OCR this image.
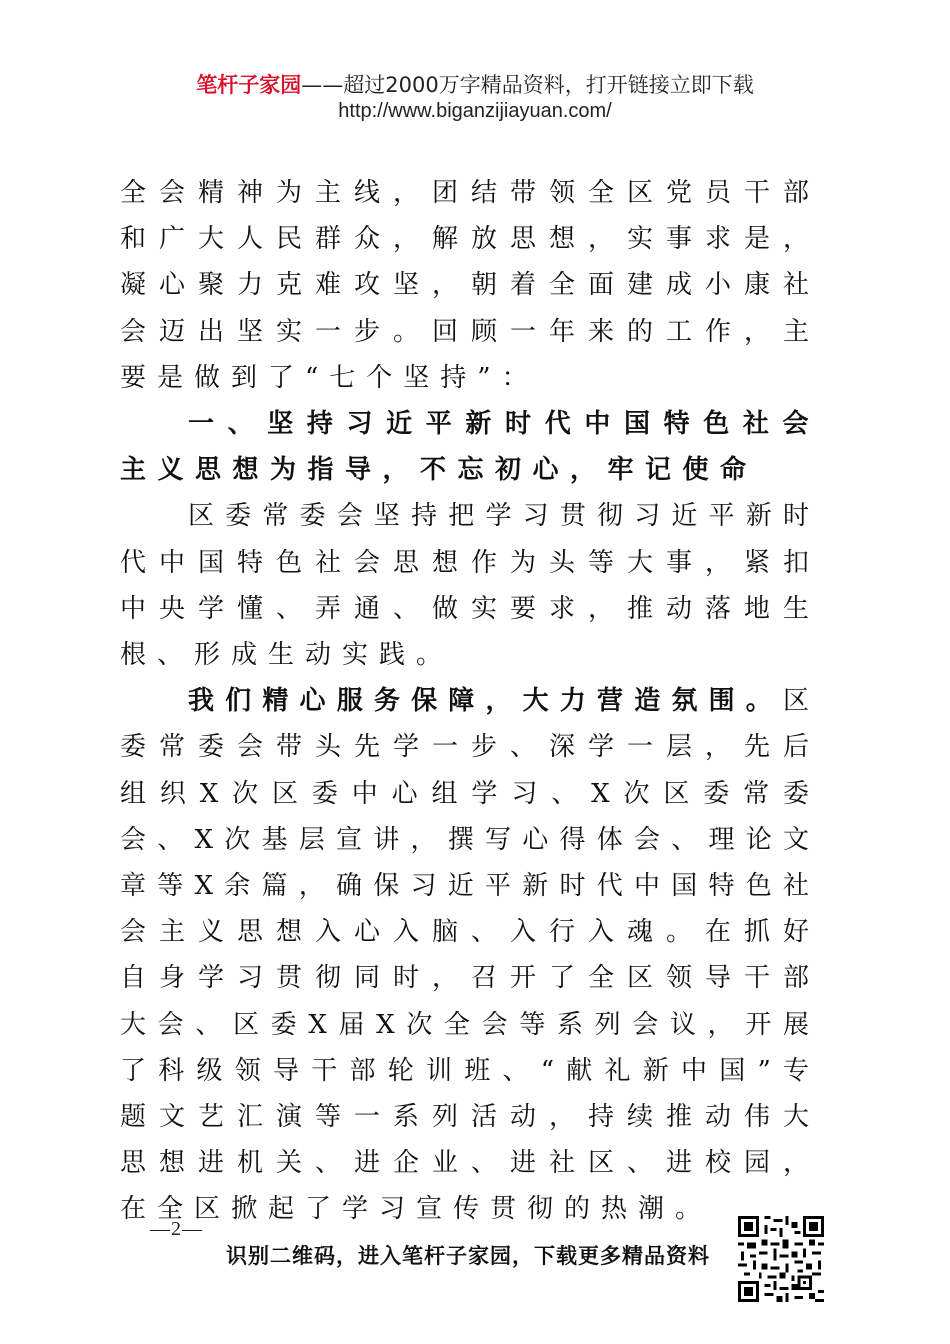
笔杆子家园——超过2000万字精品资料，打开链接立即下载
http://www.biganzijiayuan.com/

全会精神为主线，团结带领全区党员干部和广大人民群众，解放思想，实事求是，凝心聚力克难攻坚，朝着全面建成小康社会迈出坚实一步。回顾一年来的工作，主要是做到了“七个坚持”：

一、坚持习近平新时代中国特色社会主义思想为指导，不忘初心，牢记使命

区委常委会坚持把学习贯彻习近平新时代中国特色社会思想作为头等大事，紧扣中央学懂、弄通、做实要求，推动落地生根、形成生动实践。

我们精心服务保障，大力营造氛围。区委常委会带头先学一步、深学一层，先后组织X次区委中心组学习、X次区委常委会、X次基层宣讲，撰写心得体会、理论文章等X余篇，确保习近平新时代中国特色社会主义思想入心入脑、入行入魂。在抓好自身学习贯彻同时，召开了全区领导干部大会、区委X届X次全会等系列会议，开展了科级领导干部轮训班、“献礼新中国”专题文艺汇演等一系列活动，持续推动伟大思想进机关、进企业、进社区、进校园，在全区掀起了学习宣传贯彻的热潮。

—2—
识别二维码，进入笔杆子家园，下载更多精品资料
